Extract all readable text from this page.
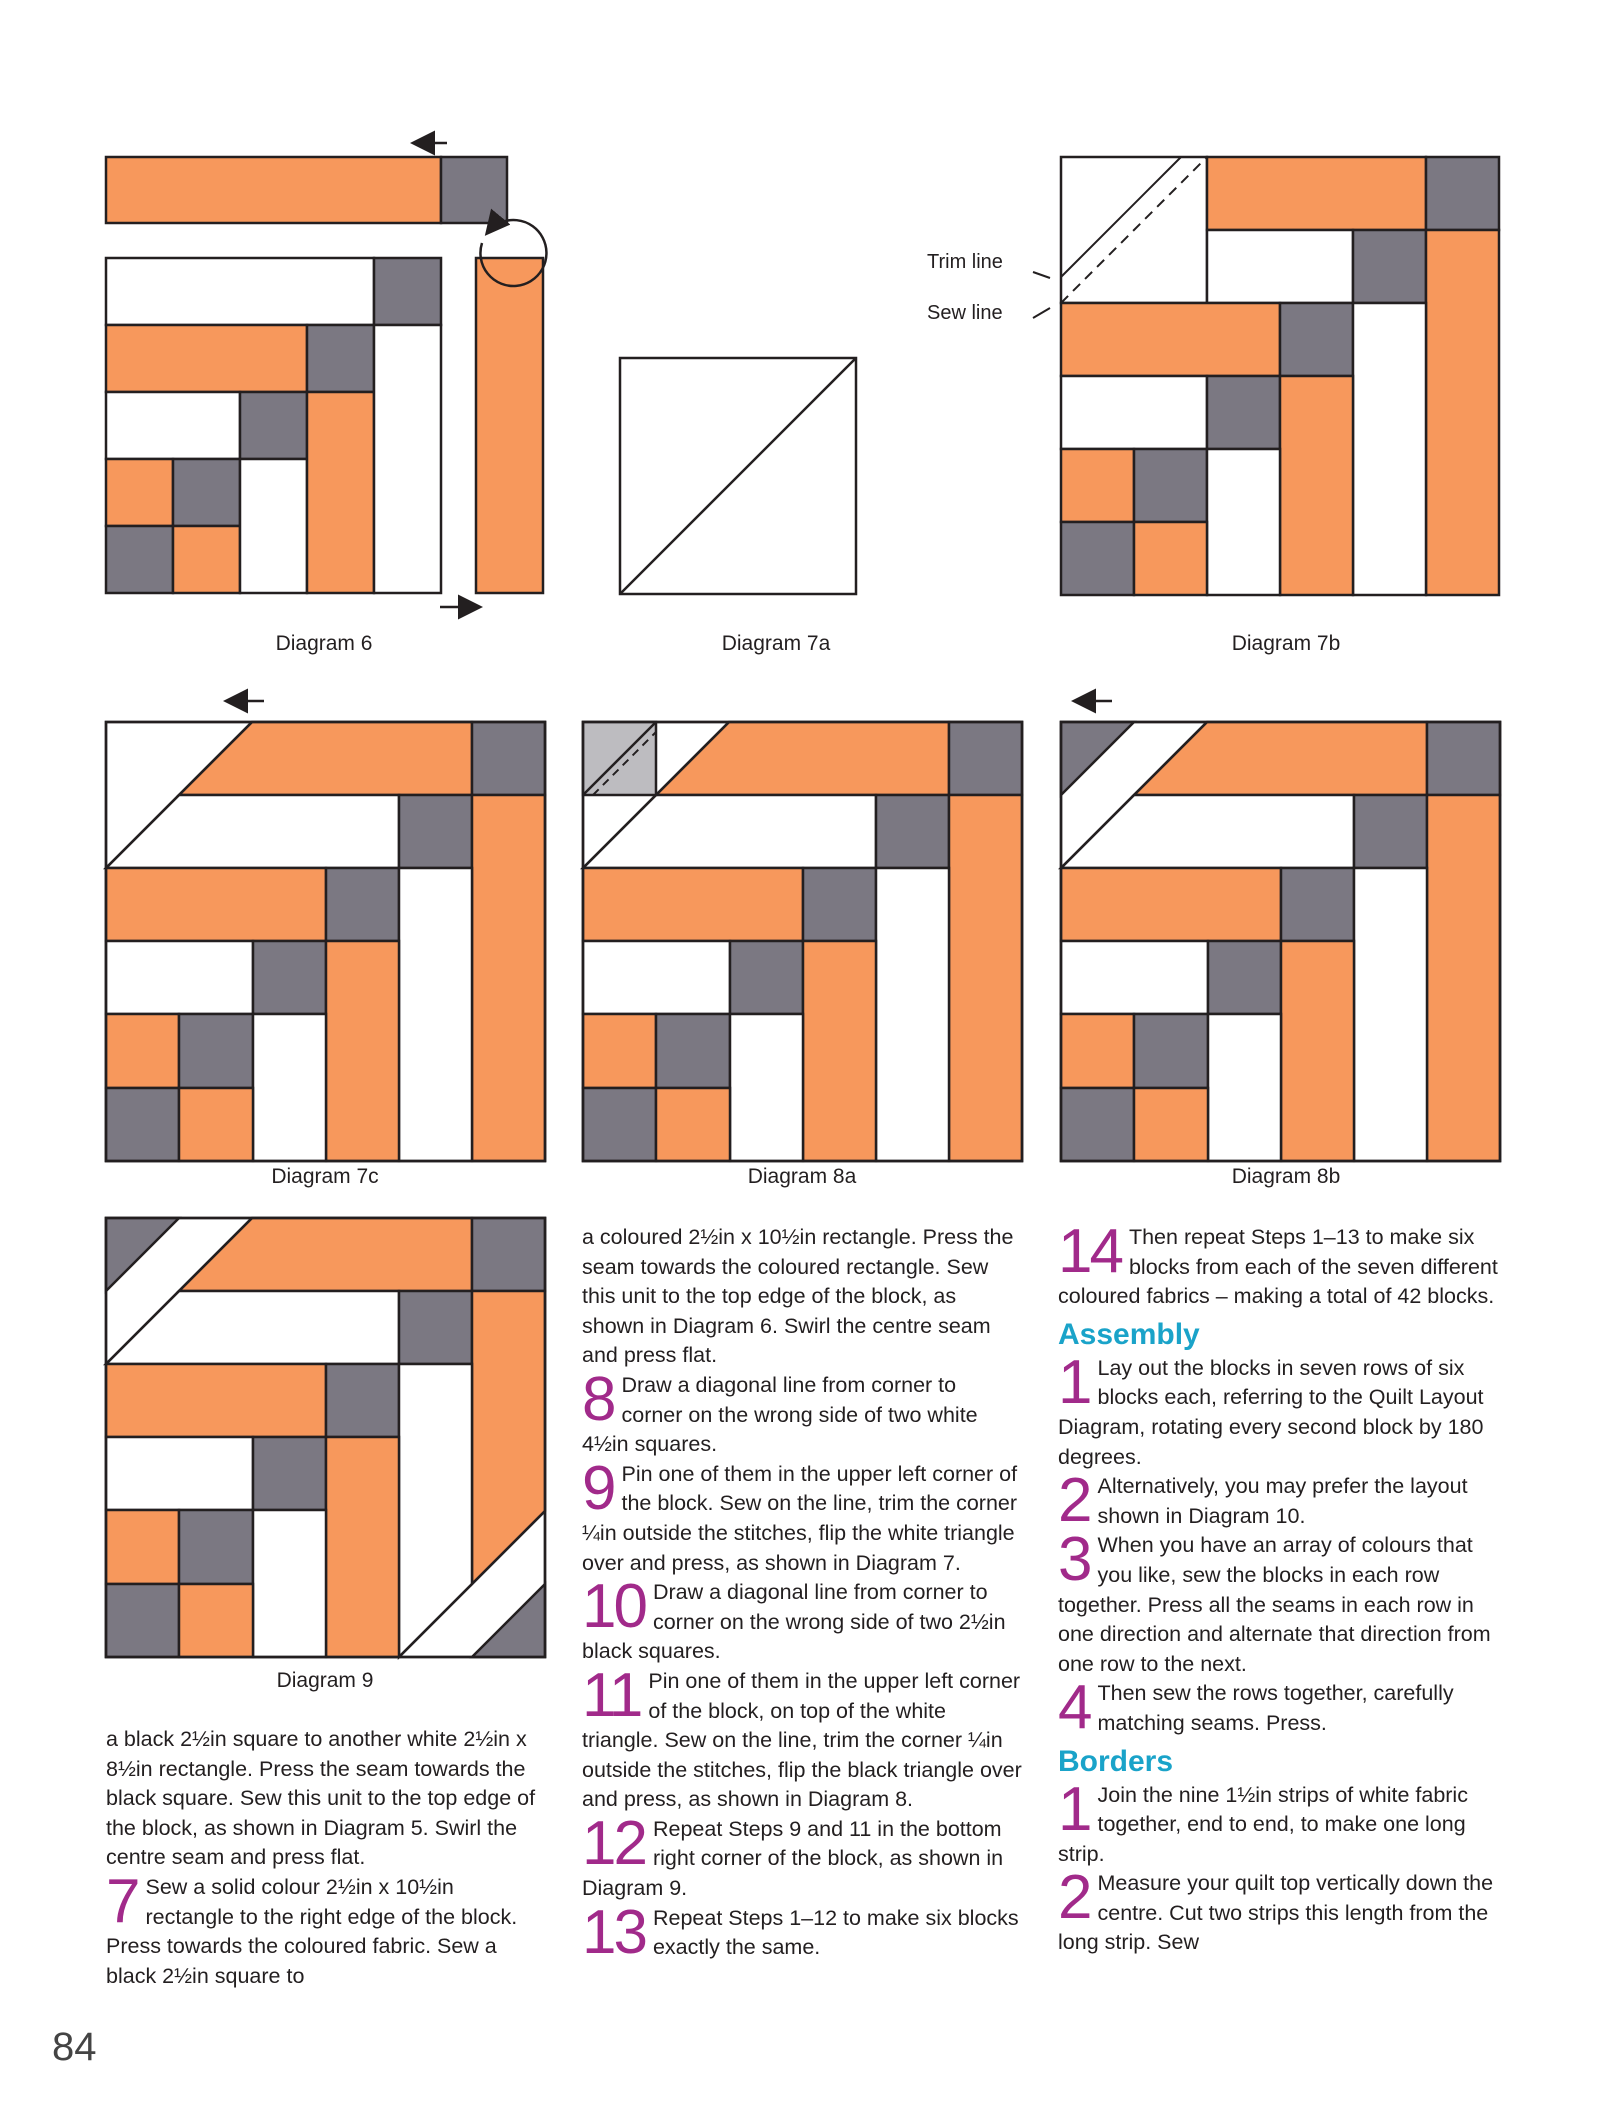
Trim line
Sew line
Diagram 6	Diagram 7a	Diagram 7b
Diagram 7c	Diagram 8a	Diagram 8b
Diagram 9

a black 2½in square to another white 2½in x 8½in rectangle. Press the seam towards the black square. Sew this unit to the top edge of the block, as shown in Diagram 5. Swirl the centre seam and press flat.

7 Sew a solid colour 2½in x 10½in rectangle to the right edge of the block. Press towards the coloured fabric. Sew a black 2½in square to

a coloured 2½in x 10½in rectangle. Press the seam towards the coloured rectangle. Sew this unit to the top edge of the block, as shown in Diagram 6. Swirl the centre seam and press flat.

8 Draw a diagonal line from corner to corner on the wrong side of two white 4½in squares.

9 Pin one of them in the upper left corner of the block. Sew on the line, trim the corner ¼in outside the stitches, flip the white triangle over and press, as shown in Diagram 7.

10 Draw a diagonal line from corner to corner on the wrong side of two 2½in black squares.

11 Pin one of them in the upper left corner of the block, on top of the white triangle. Sew on the line, trim the corner ¼in outside the stitches, flip the black triangle over and press, as shown in Diagram 8.

12 Repeat Steps 9 and 11 in the bottom right corner of the block, as shown in Diagram 9.

13 Repeat Steps 1–12 to make six blocks exactly the same.

14 Then repeat Steps 1–13 to make six blocks from each of the seven different coloured fabrics – making a total of 42 blocks.

Assembly

1 Lay out the blocks in seven rows of six blocks each, referring to the Quilt Layout Diagram, rotating every second block by 180 degrees.

2 Alternatively, you may prefer the layout shown in Diagram 10.

3 When you have an array of colours that you like, sew the blocks in each row together. Press all the seams in each row in one direction and alternate that direction from one row to the next.

4 Then sew the rows together, carefully matching seams. Press.

Borders

1 Join the nine 1½in strips of white fabric together, end to end, to make one long strip.

2 Measure your quilt top vertically down the centre. Cut two strips this length from the long strip. Sew

84
